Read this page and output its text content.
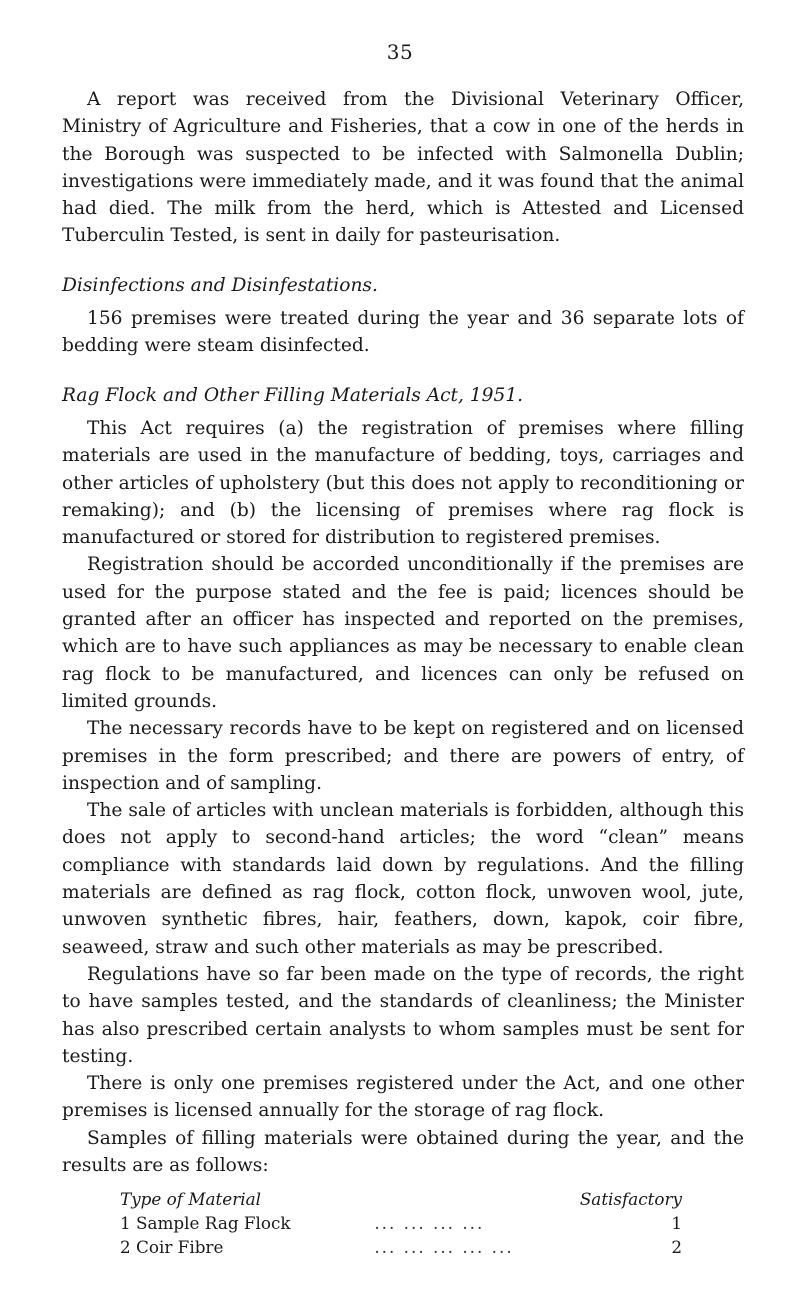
35

A report was received from the Divisional Veterinary Officer, Ministry of Agriculture and Fisheries, that a cow in one of the herds in the Borough was suspected to be infected with Salmonella Dublin; investigations were immediately made, and it was found that the animal had died. The milk from the herd, which is Attested and Licensed Tuberculin Tested, is sent in daily for pasteurisation.

Disinfections and Disinfestations.

156 premises were treated during the year and 36 separate lots of bedding were steam disinfected.

Rag Flock and Other Filling Materials Act, 1951.

This Act requires (a) the registration of premises where filling materials are used in the manufacture of bedding, toys, carriages and other articles of upholstery (but this does not apply to reconditioning or remaking); and (b) the licensing of premises where rag flock is manufactured or stored for distribution to registered premises.

Registration should be accorded unconditionally if the premises are used for the purpose stated and the fee is paid; licences should be granted after an officer has inspected and reported on the premises, which are to have such appliances as may be necessary to enable clean rag flock to be manufactured, and licences can only be refused on limited grounds.

The necessary records have to be kept on registered and on licensed premises in the form prescribed; and there are powers of entry, of inspection and of sampling.

The sale of articles with unclean materials is forbidden, although this does not apply to second-hand articles; the word “clean” means compliance with standards laid down by regulations. And the filling materials are defined as rag flock, cotton flock, unwoven wool, jute, unwoven synthetic fibres, hair, feathers, down, kapok, coir fibre, seaweed, straw and such other materials as may be prescribed.

Regulations have so far been made on the type of records, the right to have samples tested, and the standards of cleanliness; the Minister has also prescribed certain analysts to whom samples must be sent for testing.

There is only one premises registered under the Act, and one other premises is licensed annually for the storage of rag flock.

Samples of filling materials were obtained during the year, and the results are as follows:

Type of Material		Satisfactory
1 Sample Rag Flock	... ... ... ...	1
2 Coir Fibre	... ... ... ... ...	2
